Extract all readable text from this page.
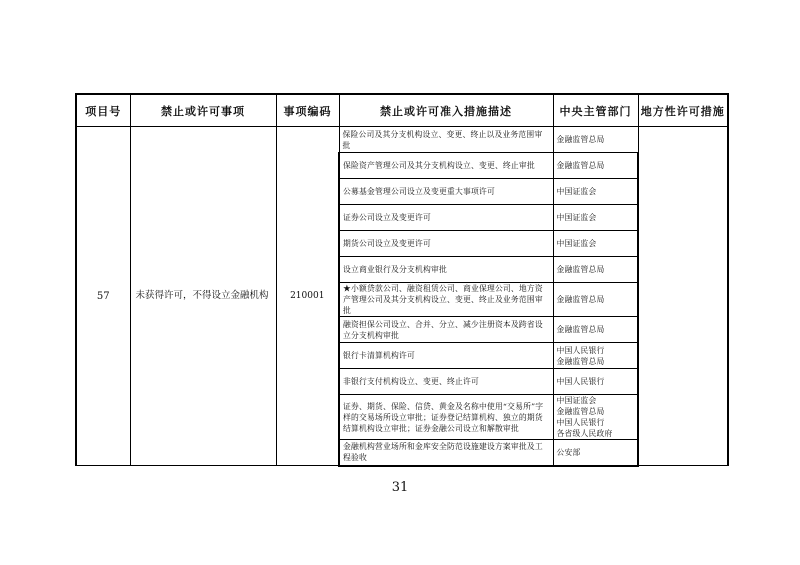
项目号	禁止或许可事项	事项编码	禁止或许可准入措施描述	中央主管部门	地方性许可措施
57	未获得许可，不得设立金融机构	210001	保险公司及其分支机构设立、变更、终止以及业务范围审批	金融监管总局	

			保险资产管理公司及其分支机构设立、变更、终止审批	金融监管总局	

			公募基金管理公司设立及变更重大事项许可	中国证监会	

			证券公司设立及变更许可	中国证监会	

			期货公司设立及变更许可	中国证监会	

			设立商业银行及分支机构审批	金融监管总局	

			★小额贷款公司、融资租赁公司、商业保理公司、地方资产管理公司及其分支机构设立、变更、终止及业务范围审批	金融监管总局	

			融资担保公司设立、合并、分立、减少注册资本及跨省设立分支机构审批	金融监管总局	

			银行卡清算机构许可	中国人民银行
金融监管总局	

			非银行支付机构设立、变更、终止许可	中国人民银行	

			证券、期货、保险、信贷、黄金及名称中使用“交易所”字样的交易场所设立审批；证券登记结算机构、独立的期货结算机构设立审批；证券金融公司设立和解散审批	中国证监会
金融监管总局
中国人民银行
各省级人民政府	

			金融机构营业场所和金库安全防范设施建设方案审批及工程验收	公安部	
31
